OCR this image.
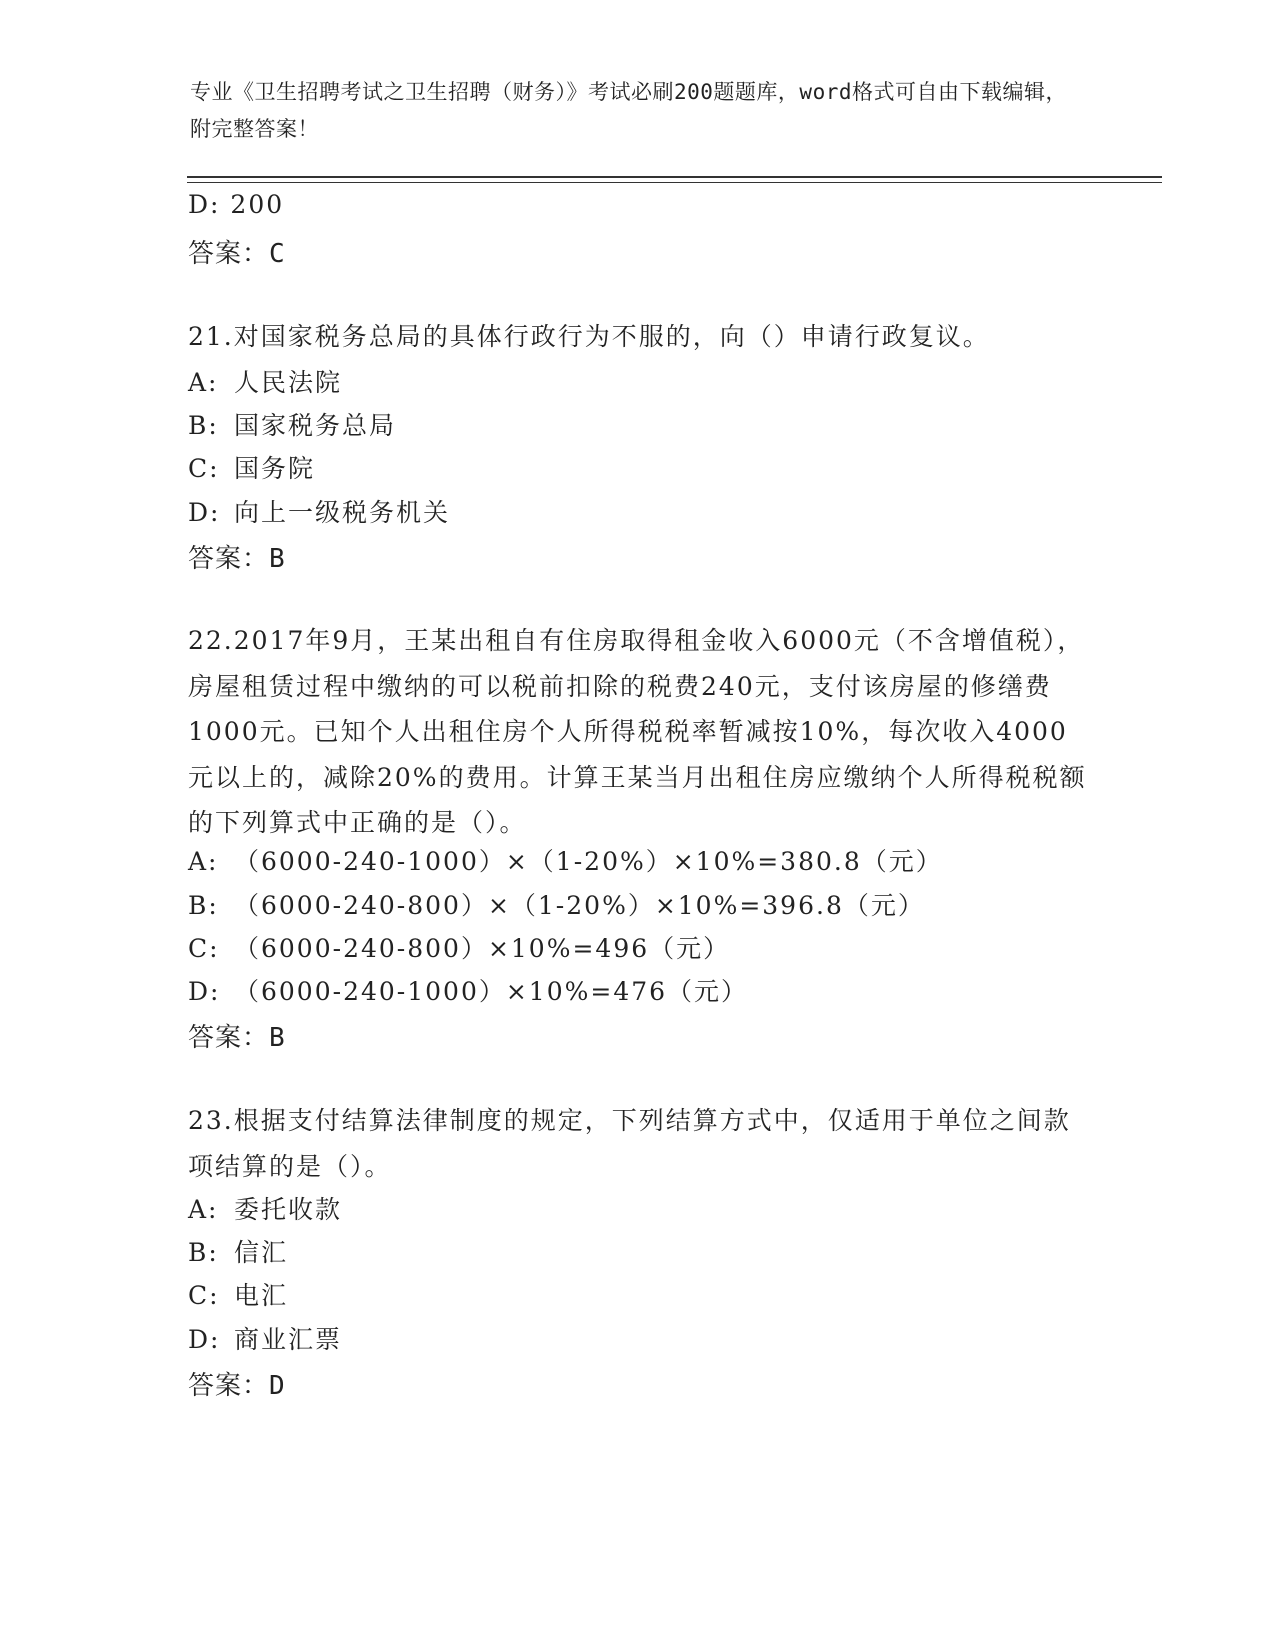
专业《卫生招聘考试之卫生招聘（财务）》考试必刷200题题库，word格式可自由下载编辑，附完整答案！
D: 200
答案：C
21.对国家税务总局的具体行政行为不服的，向（）申请行政复议。
A: 人民法院
B: 国家税务总局
C: 国务院
D: 向上一级税务机关
答案：B
22.2017年9月，王某出租自有住房取得租金收入6000元（不含增值税），房屋租赁过程中缴纳的可以税前扣除的税费240元，支付该房屋的修缮费1000元。已知个人出租住房个人所得税税率暂减按10%，每次收入4000元以上的，减除20%的费用。计算王某当月出租住房应缴纳个人所得税税额的下列算式中正确的是（）。
A: （6000-240-1000）×（1-20%）×10%=380.8（元）
B: （6000-240-800）×（1-20%）×10%=396.8（元）
C: （6000-240-800）×10%=496（元）
D: （6000-240-1000）×10%=476（元）
答案：B
23.根据支付结算法律制度的规定，下列结算方式中，仅适用于单位之间款项结算的是（）。
A: 委托收款
B: 信汇
C: 电汇
D: 商业汇票
答案：D
